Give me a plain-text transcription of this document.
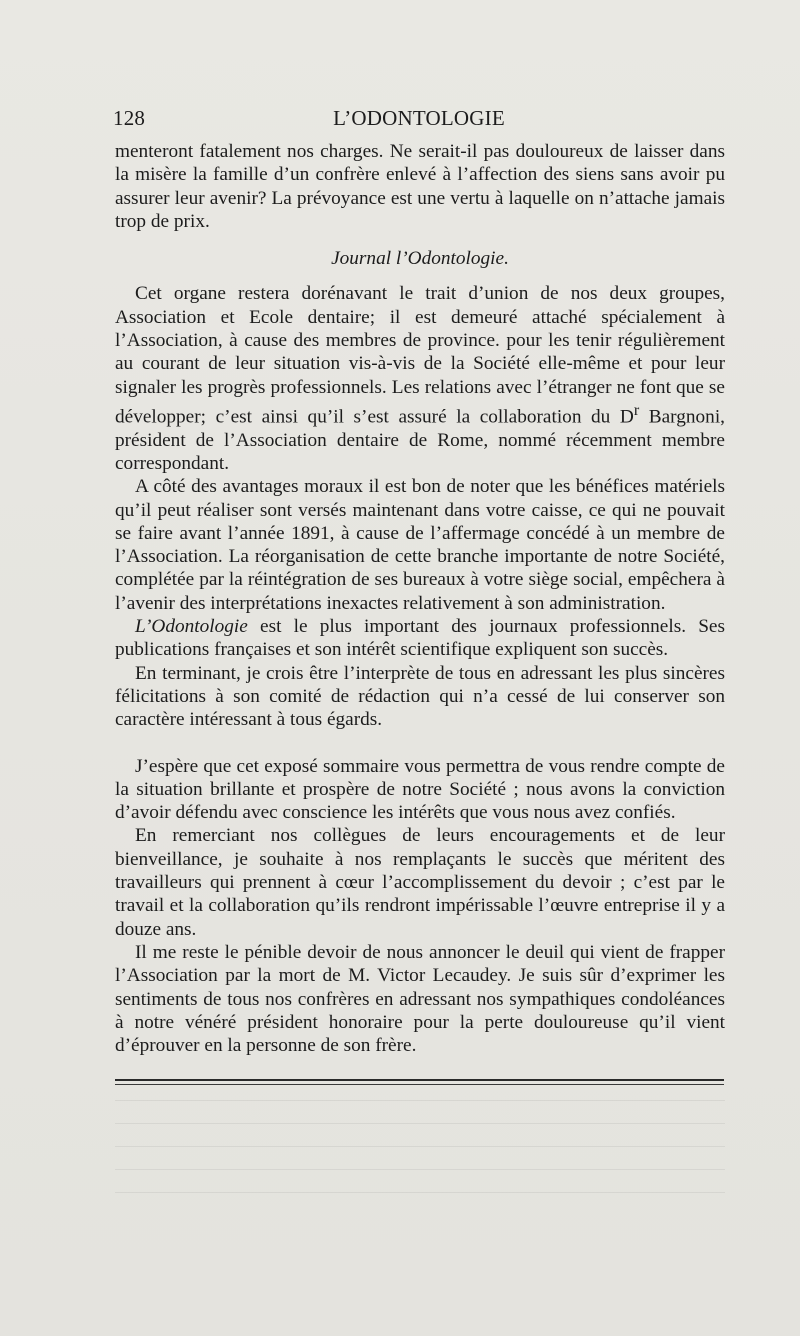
128	L’ODONTOLOGIE

menteront fatalement nos charges. Ne serait-il pas douloureux de laisser dans la misère la famille d’un confrère enlevé à l’affection des siens sans avoir pu assurer leur avenir? La prévoyance est une vertu à laquelle on n’attache jamais trop de prix.

Journal l’Odontologie.

Cet organe restera dorénavant le trait d’union de nos deux groupes, Association et Ecole dentaire; il est demeuré attaché spécialement à l’Association, à cause des membres de province. pour les tenir régulièrement au courant de leur situation vis-à-vis de la Société elle-même et pour leur signaler les progrès professionnels. Les relations avec l’étranger ne font que se développer; c’est ainsi qu’il s’est assuré la collaboration du $D^r$ Bargnoni, président de l’Association dentaire de Rome, nommé récemment membre correspondant.

A côté des avantages moraux il est bon de noter que les bénéfices matériels qu’il peut réaliser sont versés maintenant dans votre caisse, ce qui ne pouvait se faire avant l’année 1891, à cause de l’affermage concédé à un membre de l’Association. La réorganisation de cette branche importante de notre Société, complétée par la réintégration de ses bureaux à votre siège social, empêchera à l’avenir des interprétations inexactes relativement à son administration.

L’Odontologie est le plus important des journaux professionnels. Ses publications françaises et son intérêt scientifique expliquent son succès.

En terminant, je crois être l’interprète de tous en adressant les plus sincères félicitations à son comité de rédaction qui n’a cessé de lui conserver son caractère intéressant à tous égards.

J’espère que cet exposé sommaire vous permettra de vous rendre compte de la situation brillante et prospère de notre Société ; nous avons la conviction d’avoir défendu avec conscience les intérêts que vous nous avez confiés.

En remerciant nos collègues de leurs encouragements et de leur bienveillance, je souhaite à nos remplaçants le succès que méritent des travailleurs qui prennent à cœur l’accomplissement du devoir ; c’est par le travail et la collaboration qu’ils rendront impérissable l’œuvre entreprise il y a douze ans.

Il me reste le pénible devoir de nous annoncer le deuil qui vient de frapper l’Association par la mort de M. Victor Lecaudey. Je suis sûr d’exprimer les sentiments de tous nos confrères en adressant nos sympathiques condoléances à notre vénéré président honoraire pour la perte douloureuse qu’il vient d’éprouver en la personne de son frère.
